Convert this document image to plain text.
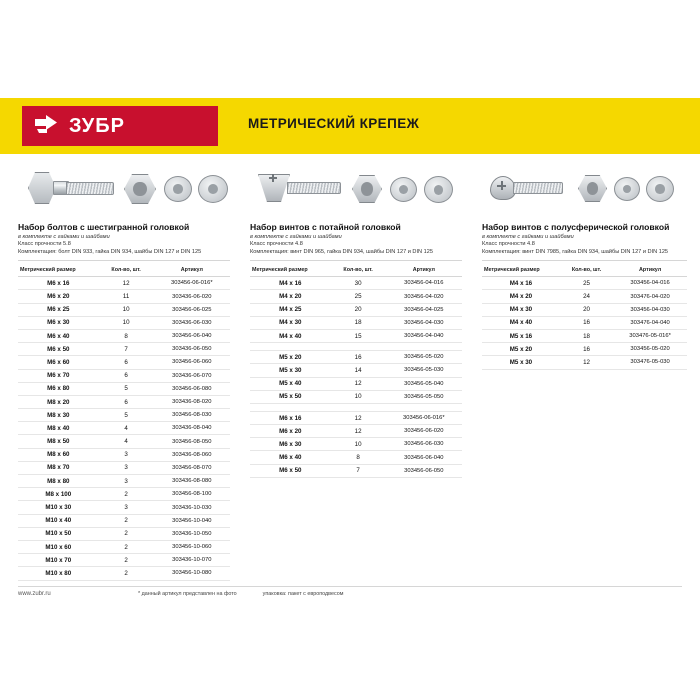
ЗУБР	МЕТРИЧЕСКИЙ КРЕПЕЖ
Набор болтов с шестигранной головкой
в комплекте с гайками и шайбами
Класс прочности 5.8
Комплектация: болт DIN 933, гайка DIN 934, шайбы DIN 127 и DIN 125
Метрический размер	Кол-во, шт.	Артикул
M6 x 16	12	303456-06-016*
M6 x 20	11	303436-06-020
M6 x 25	10	303456-06-025
M6 x 30	10	303436-06-030
M6 x 40	8	303456-06-040
M6 x 50	7	303436-06-050
M6 x 60	6	303456-06-060
M6 x 70	6	303436-06-070
M6 x 80	5	303456-06-080
M8 x 20	6	303436-08-020
M8 x 30	5	303456-08-030
M8 x 40	4	303436-08-040
M8 x 50	4	303456-08-050
M8 x 60	3	303436-08-060
M8 x 70	3	303456-08-070
M8 x 80	3	303436-08-080
M8 x 100	2	303456-08-100
M10 x 30	3	303436-10-030
M10 x 40	2	303456-10-040
M10 x 50	2	303436-10-050
M10 x 60	2	303456-10-060
M10 x 70	2	303436-10-070
M10 x 80	2	303456-10-080
Набор винтов с потайной головкой
в комплекте с гайками и шайбами
Класс прочности 4.8
Комплектация: винт DIN 965, гайка DIN 934, шайбы DIN 127 и DIN 125
Метрический размер	Кол-во, шт.	Артикул
M4 x 16	30	303456-04-016
M4 x 20	25	303456-04-020
M4 x 25	20	303456-04-025
M4 x 30	18	303456-04-030
M4 x 40	15	303456-04-040

M5 x 20	16	303456-05-020
M5 x 30	14	303456-05-030
M5 x 40	12	303456-05-040
M5 x 50	10	303456-05-050

M6 x 16	12	303456-06-016*
M6 x 20	12	303456-06-020
M6 x 30	10	303456-06-030
M6 x 40	8	303456-06-040
M6 x 50	7	303456-06-050
Набор винтов с полусферической головкой
в комплекте с гайками и шайбами
Класс прочности 4.8
Комплектация: винт DIN 7985, гайка DIN 934, шайбы DIN 127 и DIN 125
Метрический размер	Кол-во, шт.	Артикул
M4 x 16	25	303456-04-016
M4 x 20	24	303476-04-020
M4 x 30	20	303456-04-030
M4 x 40	16	303476-04-040
M5 x 16	18	303476-05-016*
M5 x 20	16	303456-05-020
M5 x 30	12	303476-05-030
www.zubr.ru	* данный артикул представлен на фото	упаковка: пакет с европодвесом
